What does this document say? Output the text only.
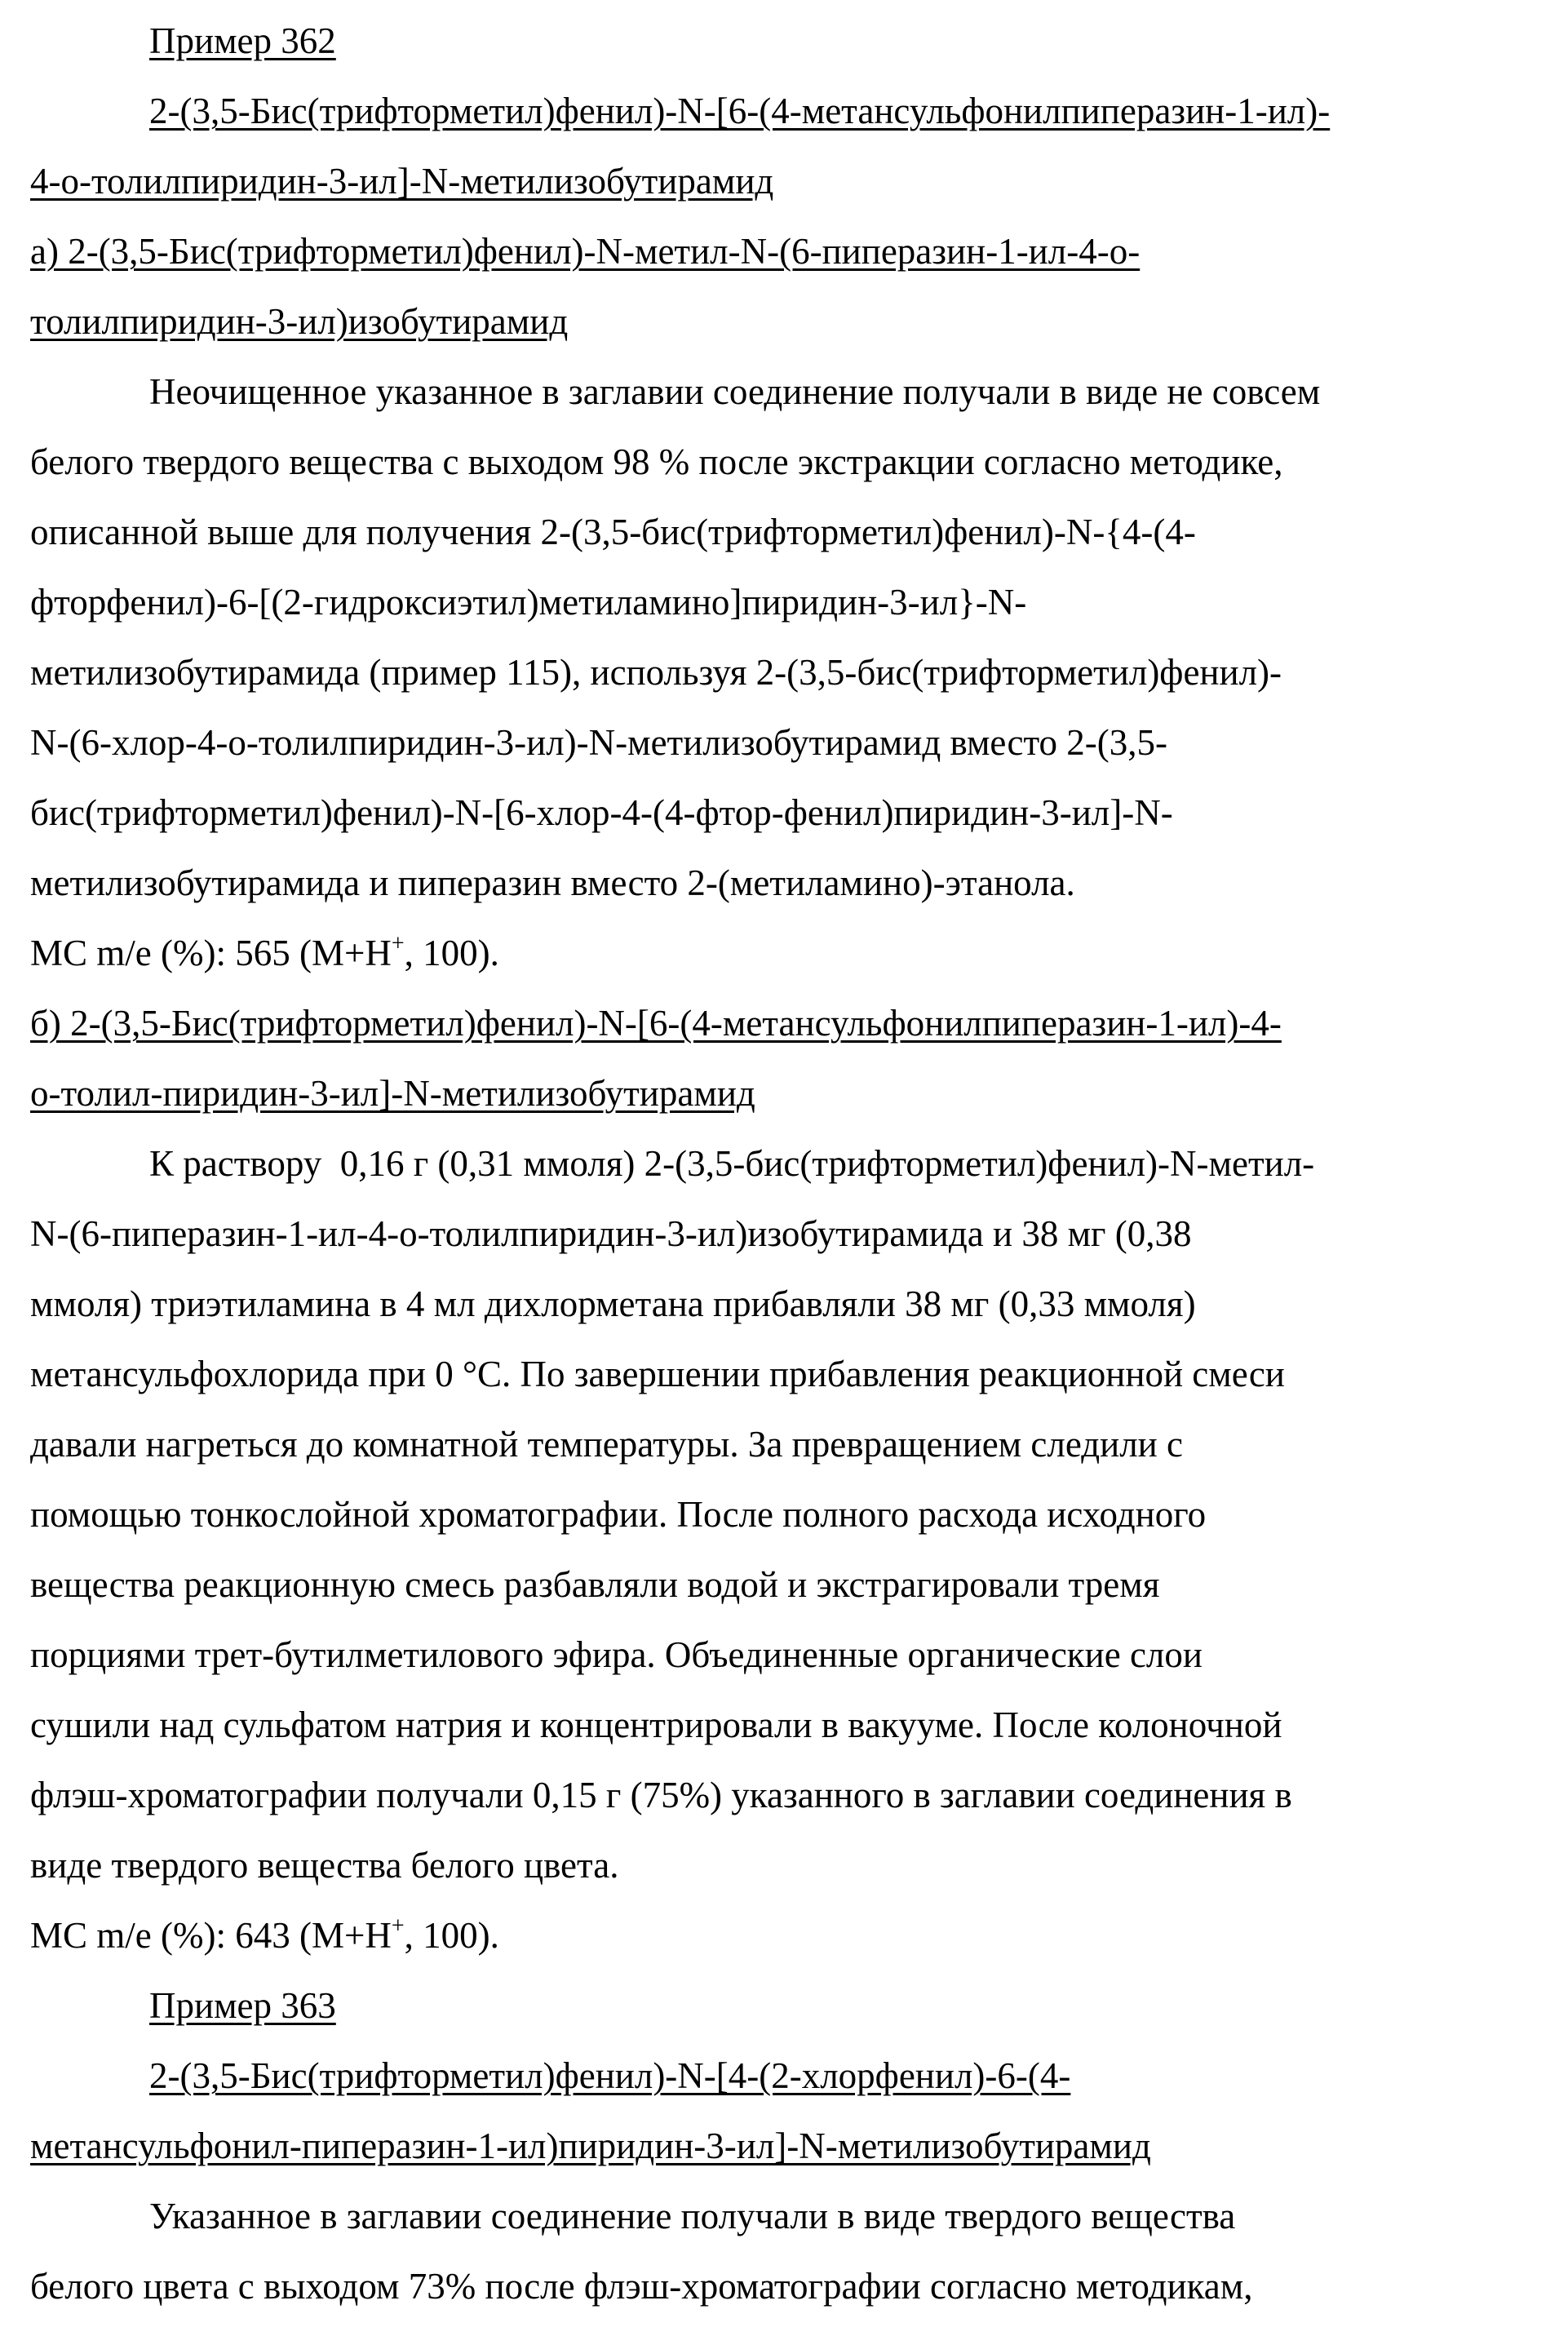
Пример 362
2-(3,5-Бис(трифторметил)фенил)-N-[6-(4-метансульфонилпиперазин-1-ил)-
4-о-толилпиридин-3-ил]-N-метилизобутирамид
а) 2-(3,5-Бис(трифторметил)фенил)-N-метил-N-(6-пиперазин-1-ил-4-о-
толилпиридин-3-ил)изобутирамид
Неочищенное указанное в заглавии соединение получали в виде не совсем
белого твердого вещества с выходом 98 % после экстракции согласно методике,
описанной выше для получения 2-(3,5-бис(трифторметил)фенил)-N-{4-(4-
фторфенил)-6-[(2-гидроксиэтил)метиламино]пиридин-3-ил}-N-
метилизобутирамида (пример 115), используя 2-(3,5-бис(трифторметил)фенил)-
N-(6-хлор-4-о-толилпиридин-3-ил)-N-метилизобутирамид вместо 2-(3,5-
бис(трифторметил)фенил)-N-[6-хлор-4-(4-фтор-фенил)пиридин-3-ил]-N-
метилизобутирамида и пиперазин вместо 2-(метиламино)-этанола.
МС m/e (%): 565 (M+H+, 100).
б) 2-(3,5-Бис(трифторметил)фенил)-N-[6-(4-метансульфонилпиперазин-1-ил)-4-
о-толил-пиридин-3-ил]-N-метилизобутирамид
К раствору  0,16 г (0,31 ммоля) 2-(3,5-бис(трифторметил)фенил)-N-метил-
N-(6-пиперазин-1-ил-4-о-толилпиридин-3-ил)изобутирамида и 38 мг (0,38
ммоля) триэтиламина в 4 мл дихлорметана прибавляли 38 мг (0,33 ммоля)
метансульфохлорида при 0 °C. По завершении прибавления реакционной смеси
давали нагреться до комнатной температуры. За превращением следили с
помощью тонкослойной хроматографии. После полного расхода исходного
вещества реакционную смесь разбавляли водой и экстрагировали тремя
порциями трет-бутилметилового эфира. Объединенные органические слои
сушили над сульфатом натрия и концентрировали в вакууме. После колоночной
флэш-хроматографии получали 0,15 г (75%) указанного в заглавии соединения в
виде твердого вещества белого цвета.
МС m/e (%): 643 (M+H+, 100).
Пример 363
2-(3,5-Бис(трифторметил)фенил)-N-[4-(2-хлорфенил)-6-(4-
метансульфонил-пиперазин-1-ил)пиридин-3-ил]-N-метилизобутирамид
Указанное в заглавии соединение получали в виде твердого вещества
белого цвета с выходом 73% после флэш-хроматографии согласно методикам,
